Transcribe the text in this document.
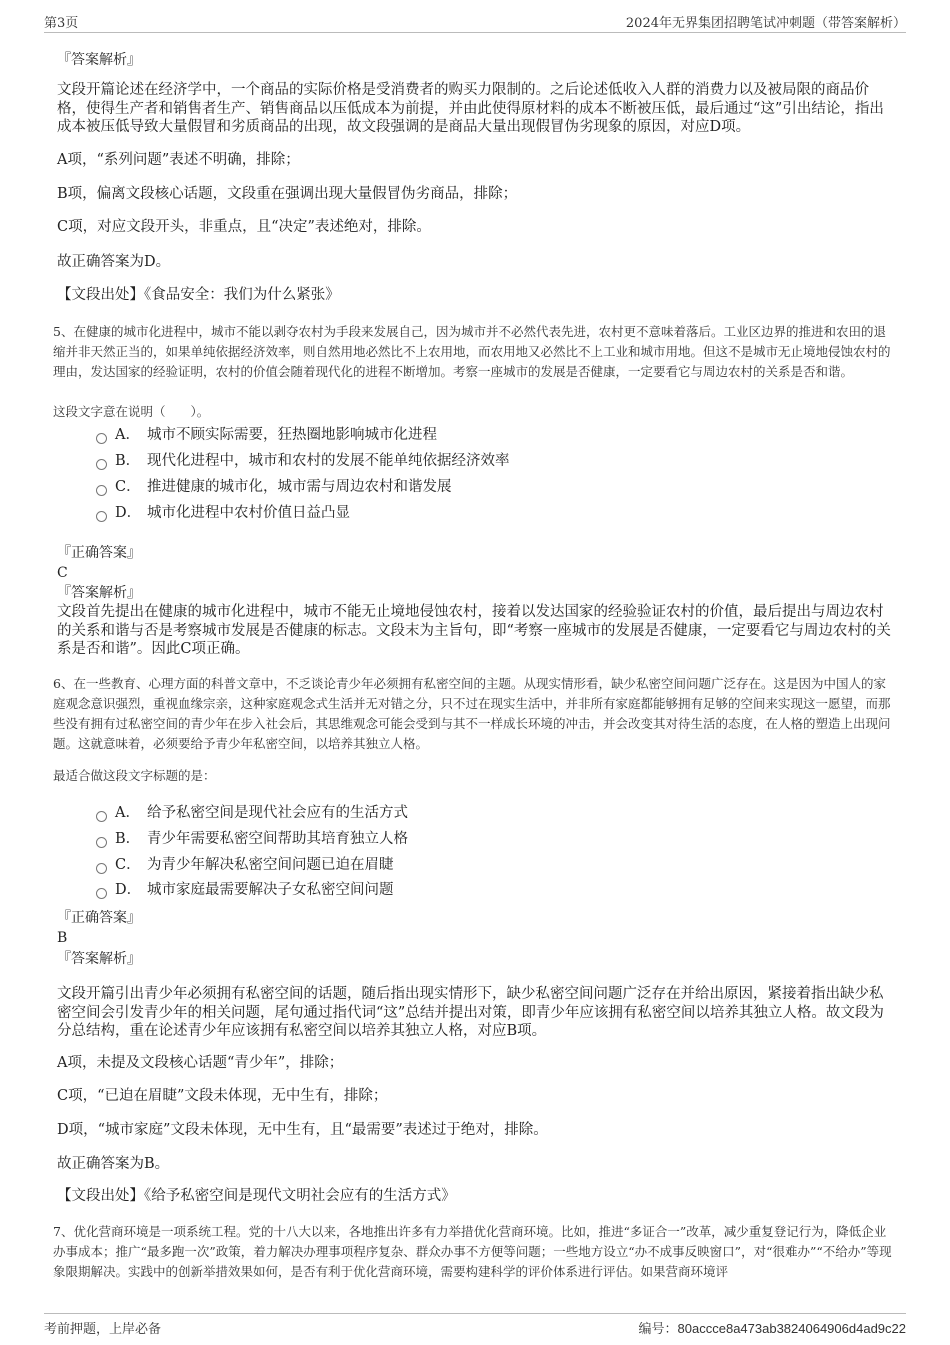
第3页	2024年无界集团招聘笔试冲刺题（带答案解析）
『答案解析』
文段开篇论述在经济学中，一个商品的实际价格是受消费者的购买力限制的。之后论述低收入人群的消费力以及被局限的商品价格，使得生产者和销售者生产、销售商品以压低成本为前提，并由此使得原材料的成本不断被压低，最后通过“这”引出结论，指出成本被压低导致大量假冒和劣质商品的出现，故文段强调的是商品大量出现假冒伪劣现象的原因，对应D项。
A项，“系列问题”表述不明确，排除；
B项，偏离文段核心话题，文段重在强调出现大量假冒伪劣商品，排除；
C项，对应文段开头，非重点，且“决定”表述绝对，排除。
故正确答案为D。
【文段出处】《食品安全：我们为什么紧张》
5、在健康的城市化进程中，城市不能以剥夺农村为手段来发展自己，因为城市并不必然代表先进，农村更不意味着落后。工业区边界的推进和农田的退缩并非天然正当的，如果单纯依据经济效率，则自然用地必然比不上农用地，而农用地又必然比不上工业和城市用地。但这不是城市无止境地侵蚀农村的理由，发达国家的经验证明，农村的价值会随着现代化的进程不断增加。考察一座城市的发展是否健康，一定要看它与周边农村的关系是否和谐。
这段文字意在说明（　　）。
A． 城市不顾实际需要，狂热圈地影响城市化进程
B． 现代化进程中，城市和农村的发展不能单纯依据经济效率
C． 推进健康的城市化，城市需与周边农村和谐发展
D． 城市化进程中农村价值日益凸显
『正确答案』
C
『答案解析』
文段首先提出在健康的城市化进程中，城市不能无止境地侵蚀农村，接着以发达国家的经验验证农村的价值，最后提出与周边农村的关系和谐与否是考察城市发展是否健康的标志。文段末为主旨句，即“考察一座城市的发展是否健康，一定要看它与周边农村的关系是否和谐”。因此C项正确。
6、在一些教育、心理方面的科普文章中，不乏谈论青少年必须拥有私密空间的主题。从现实情形看，缺少私密空间问题广泛存在。这是因为中国人的家庭观念意识强烈，重视血缘宗亲，这种家庭观念式生活并无对错之分，只不过在现实生活中，并非所有家庭都能够拥有足够的空间来实现这一愿望，而那些没有拥有过私密空间的青少年在步入社会后，其思维观念可能会受到与其不一样成长环境的冲击，并会改变其对待生活的态度，在人格的塑造上出现问题。这就意味着，必须要给予青少年私密空间，以培养其独立人格。
最适合做这段文字标题的是：
A． 给予私密空间是现代社会应有的生活方式
B． 青少年需要私密空间帮助其培育独立人格
C． 为青少年解决私密空间问题已迫在眉睫
D． 城市家庭最需要解决子女私密空间问题
『正确答案』
B
『答案解析』
文段开篇引出青少年必须拥有私密空间的话题，随后指出现实情形下，缺少私密空间问题广泛存在并给出原因，紧接着指出缺少私密空间会引发青少年的相关问题，尾句通过指代词“这”总结并提出对策，即青少年应该拥有私密空间以培养其独立人格。故文段为分总结构，重在论述青少年应该拥有私密空间以培养其独立人格，对应B项。
A项，未提及文段核心话题“青少年”，排除；
C项，“已迫在眉睫”文段未体现，无中生有，排除；
D项，“城市家庭”文段未体现，无中生有，且“最需要”表述过于绝对，排除。
故正确答案为B。
【文段出处】《给予私密空间是现代文明社会应有的生活方式》
7、优化营商环境是一项系统工程。党的十八大以来，各地推出许多有力举措优化营商环境。比如，推进“多证合一”改革，减少重复登记行为，降低企业办事成本；推广“最多跑一次”政策，着力解决办理事项程序复杂、群众办事不方便等问题；一些地方设立“办不成事反映窗口”，对“很难办”“不给办”等现象限期解决。实践中的创新举措效果如何，是否有利于优化营商环境，需要构建科学的评价体系进行评估。如果营商环境评
考前押题，上岸必备	编号：80accce8a473ab3824064906d4ad9c22
